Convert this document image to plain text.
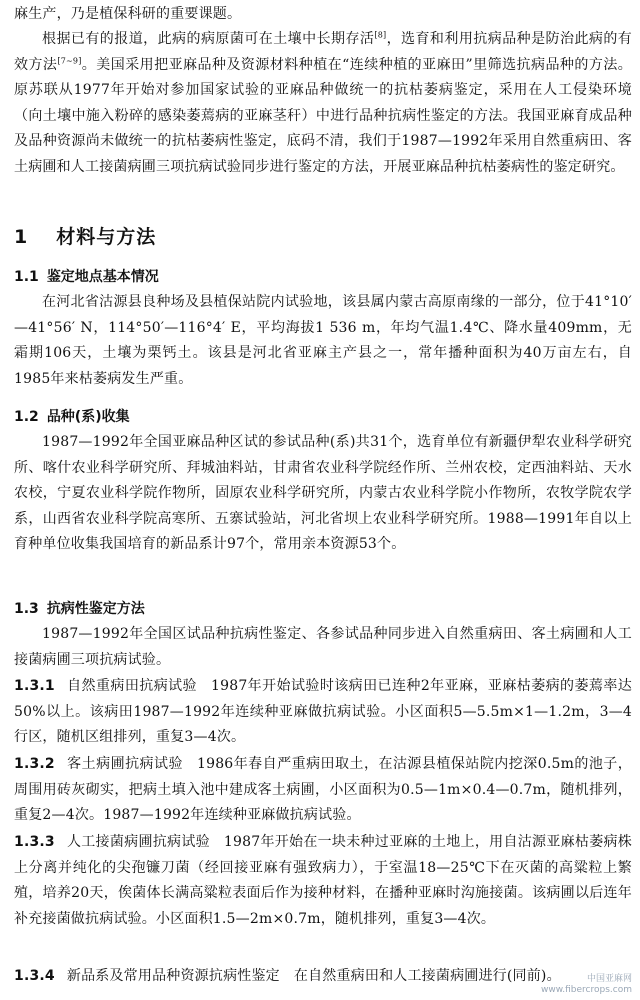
麻生产，乃是植保科研的重要课题。

根据已有的报道，此病的病原菌可在土壤中长期存活[8]，选育和利用抗病品种是防治此病的有效方法[7~9]。美国采用把亚麻品种及资源材料种植在“连续种植的亚麻田”里筛选抗病品种的方法。原苏联从1977年开始对参加国家试验的亚麻品种做统一的抗枯萎病鉴定，采用在人工侵染环境（向土壤中施入粉碎的感染萎蔫病的亚麻茎秆）中进行品种抗病性鉴定的方法。我国亚麻育成品种及品种资源尚未做统一的抗枯萎病性鉴定，底码不清，我们于1987—1992年采用自然重病田、客土病圃和人工接菌病圃三项抗病试验同步进行鉴定的方法，开展亚麻品种抗枯萎病性的鉴定研究。

1 材料与方法
1.1 鉴定地点基本情况

在河北省沽源县良种场及县植保站院内试验地，该县属内蒙古高原南缘的一部分，位于41°10′—41°56′ N，114°50′—116°4′ E，平均海拔1 536 m，年均气温1.4℃、降水量409mm，无霜期106天，土壤为栗钙土。该县是河北省亚麻主产县之一，常年播种面积为40万亩左右，自1985年来枯萎病发生严重。

1.2 品种(系)收集

1987—1992年全国亚麻品种区试的参试品种(系)共31个，选育单位有新疆伊犁农业科学研究所、喀什农业科学研究所、拜城油料站，甘肃省农业科学院经作所、兰州农校，定西油料站、天水农校，宁夏农业科学院作物所，固原农业科学研究所，内蒙古农业科学院小作物所，农牧学院农学系，山西省农业科学院高寒所、五寨试验站，河北省坝上农业科学研究所。1988—1991年自以上育种单位收集我国培育的新品系计97个，常用亲本资源53个。

1.3 抗病性鉴定方法

1987—1992年全国区试品种抗病性鉴定、各参试品种同步进入自然重病田、客土病圃和人工接菌病圃三项抗病试验。

1.3.1 自然重病田抗病试验 1987年开始试验时该病田已连种2年亚麻，亚麻枯萎病的萎蔫率达50%以上。该病田1987—1992年连续种亚麻做抗病试验。小区面积5—5.5m×1—1.2m，3—4行区，随机区组排列，重复3—4次。

1.3.2 客土病圃抗病试验 1986年春自严重病田取土，在沽源县植保站院内挖深0.5m的池子，周围用砖灰砌实，把病土填入池中建成客土病圃，小区面积为0.5—1m×0.4—0.7m，随机排列，重复2—4次。1987—1992年连续种亚麻做抗病试验。

1.3.3 人工接菌病圃抗病试验 1987年开始在一块未种过亚麻的土地上，用自沽源亚麻枯萎病株上分离并纯化的尖孢镰刀菌（经回接亚麻有强致病力），于室温18—25℃下在灭菌的高粱粒上繁殖，培养20天，俟菌体长满高粱粒表面后作为接种材料，在播种亚麻时沟施接菌。该病圃以后连年补充接菌做抗病试验。小区面积1.5—2m×0.7m，随机排列，重复3—4次。

1.3.4 新品系及常用品种资源抗病性鉴定 在自然重病田和人工接菌病圃进行(同前)。	中国亚麻网
www.fibercrops.com
